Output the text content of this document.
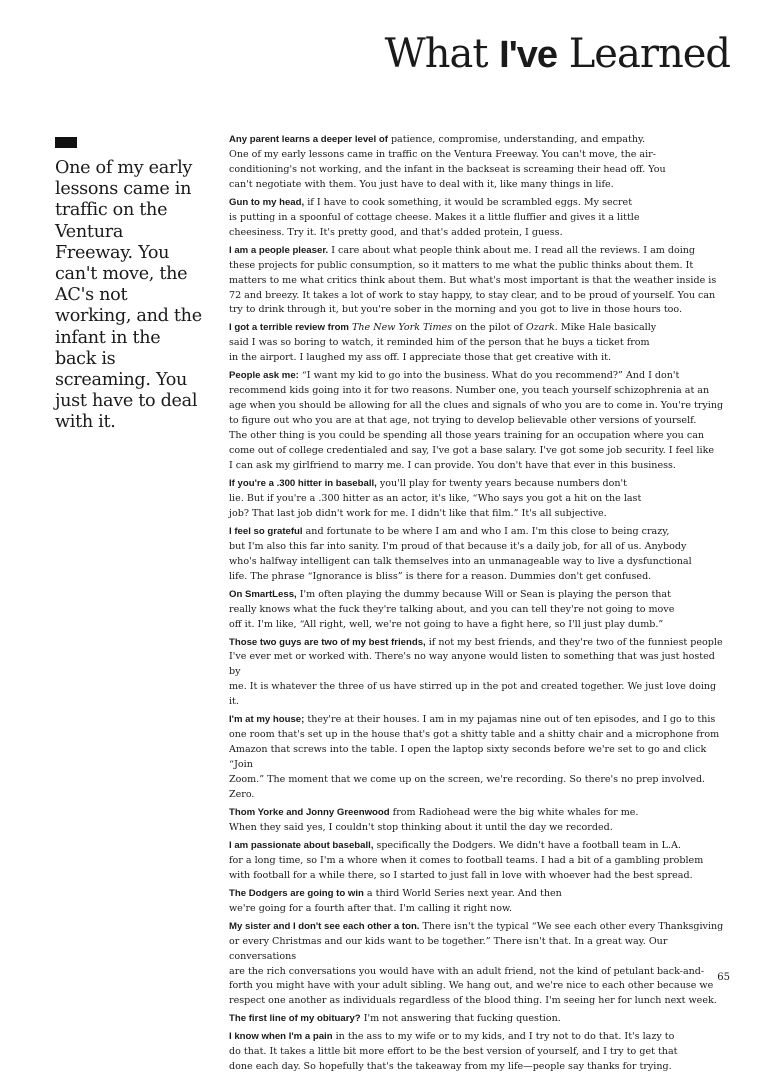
What I've Learned
One of my early lessons came in traffic on the Ventura Freeway. You can't move, the AC's not working, and the infant in the back is screaming. You just have to deal with it.

Any parent learns a deeper level of patience, compromise, understanding, and empathy.
One of my early lessons came in traffic on the Ventura Freeway. You can't move, the air-
conditioning's not working, and the infant in the backseat is screaming their head off. You
can't negotiate with them. You just have to deal with it, like many things in life.

Gun to my head, if I have to cook something, it would be scrambled eggs. My secret
is putting in a spoonful of cottage cheese. Makes it a little fluffier and gives it a little
cheesiness. Try it. It's pretty good, and that's added protein, I guess.

I am a people pleaser. I care about what people think about me. I read all the reviews. I am doing
these projects for public consumption, so it matters to me what the public thinks about them. It
matters to me what critics think about them. But what's most important is that the weather inside is
72 and breezy. It takes a lot of work to stay happy, to stay clear, and to be proud of yourself. You can
try to drink through it, but you're sober in the morning and you got to live in those hours too.

I got a terrible review from The New York Times on the pilot of Ozark. Mike Hale basically
said I was so boring to watch, it reminded him of the person that he buys a ticket from
in the airport. I laughed my ass off. I appreciate those that get creative with it.

People ask me: “I want my kid to go into the business. What do you recommend?” And I don't
recommend kids going into it for two reasons. Number one, you teach yourself schizophrenia at an
age when you should be allowing for all the clues and signals of who you are to come in. You're trying
to figure out who you are at that age, not trying to develop believable other versions of yourself.
The other thing is you could be spending all those years training for an occupation where you can
come out of college credentialed and say, I've got a base salary. I've got some job security. I feel like
I can ask my girlfriend to marry me. I can provide. You don't have that ever in this business.

If you're a .300 hitter in baseball, you'll play for twenty years because numbers don't
lie. But if you're a .300 hitter as an actor, it's like, “Who says you got a hit on the last
job? That last job didn't work for me. I didn't like that film.” It's all subjective.

I feel so grateful and fortunate to be where I am and who I am. I'm this close to being crazy,
but I'm also this far into sanity. I'm proud of that because it's a daily job, for all of us. Anybody
who's halfway intelligent can talk themselves into an unmanageable way to live a dysfunctional
life. The phrase “Ignorance is bliss” is there for a reason. Dummies don't get confused.

On SmartLess, I'm often playing the dummy because Will or Sean is playing the person that
really knows what the fuck they're talking about, and you can tell they're not going to move
off it. I'm like, “All right, well, we're not going to have a fight here, so I'll just play dumb.”

Those two guys are two of my best friends, if not my best friends, and they're two of the funniest people
I've ever met or worked with. There's no way anyone would listen to something that was just hosted by
me. It is whatever the three of us have stirred up in the pot and created together. We just love doing it.

I'm at my house; they're at their houses. I am in my pajamas nine out of ten episodes, and I go to this
one room that's set up in the house that's got a shitty table and a shitty chair and a microphone from
Amazon that screws into the table. I open the laptop sixty seconds before we're set to go and click “Join
Zoom.” The moment that we come up on the screen, we're recording. So there's no prep involved. Zero.

Thom Yorke and Jonny Greenwood from Radiohead were the big white whales for me.
When they said yes, I couldn't stop thinking about it until the day we recorded.

I am passionate about baseball, specifically the Dodgers. We didn't have a football team in L.A.
for a long time, so I'm a whore when it comes to football teams. I had a bit of a gambling problem
with football for a while there, so I started to just fall in love with whoever had the best spread.

The Dodgers are going to win a third World Series next year. And then
we're going for a fourth after that. I'm calling it right now.

My sister and I don't see each other a ton. There isn't the typical “We see each other every Thanksgiving
or every Christmas and our kids want to be together.” There isn't that. In a great way. Our conversations
are the rich conversations you would have with an adult friend, not the kind of petulant back-and-
forth you might have with your adult sibling. We hang out, and we're nice to each other because we
respect one another as individuals regardless of the blood thing. I'm seeing her for lunch next week.

The first line of my obituary? I'm not answering that fucking question.

I know when I'm a pain in the ass to my wife or to my kids, and I try not to do that. It's lazy to
do that. It takes a little bit more effort to be the best version of yourself, and I try to get that
done each day. So hopefully that's the takeaway from my life—people say thanks for trying.

65
